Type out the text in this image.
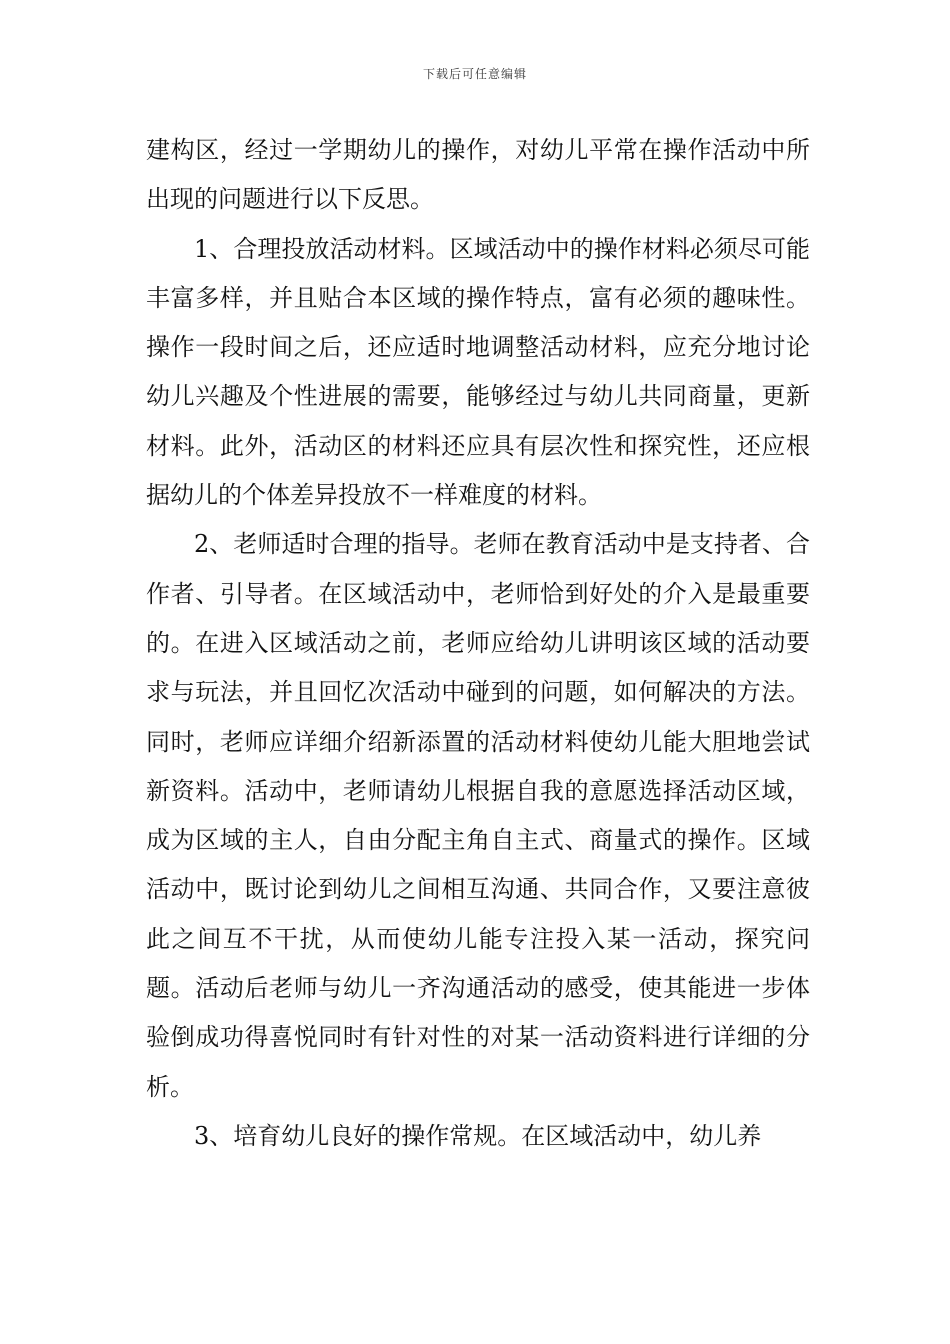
下载后可任意编辑

建构区，经过一学期幼儿的操作，对幼儿平常在操作活动中所出现的问题进行以下反思。

1、合理投放活动材料。区域活动中的操作材料必须尽可能丰富多样，并且贴合本区域的操作特点，富有必须的趣味性。操作一段时间之后，还应适时地调整活动材料，应充分地讨论幼儿兴趣及个性进展的需要，能够经过与幼儿共同商量，更新材料。此外，活动区的材料还应具有层次性和探究性，还应根据幼儿的个体差异投放不一样难度的材料。

2、老师适时合理的指导。老师在教育活动中是支持者、合作者、引导者。在区域活动中，老师恰到好处的介入是最重要的。在进入区域活动之前，老师应给幼儿讲明该区域的活动要求与玩法，并且回忆次活动中碰到的问题，如何解决的方法。同时，老师应详细介绍新添置的活动材料使幼儿能大胆地尝试新资料。活动中，老师请幼儿根据自我的意愿选择活动区域，成为区域的主人，自由分配主角自主式、商量式的操作。区域活动中，既讨论到幼儿之间相互沟通、共同合作，又要注意彼此之间互不干扰，从而使幼儿能专注投入某一活动，探究问题。活动后老师与幼儿一齐沟通活动的感受，使其能进一步体验倒成功得喜悦同时有针对性的对某一活动资料进行详细的分析。

3、培育幼儿良好的操作常规。在区域活动中，幼儿养
